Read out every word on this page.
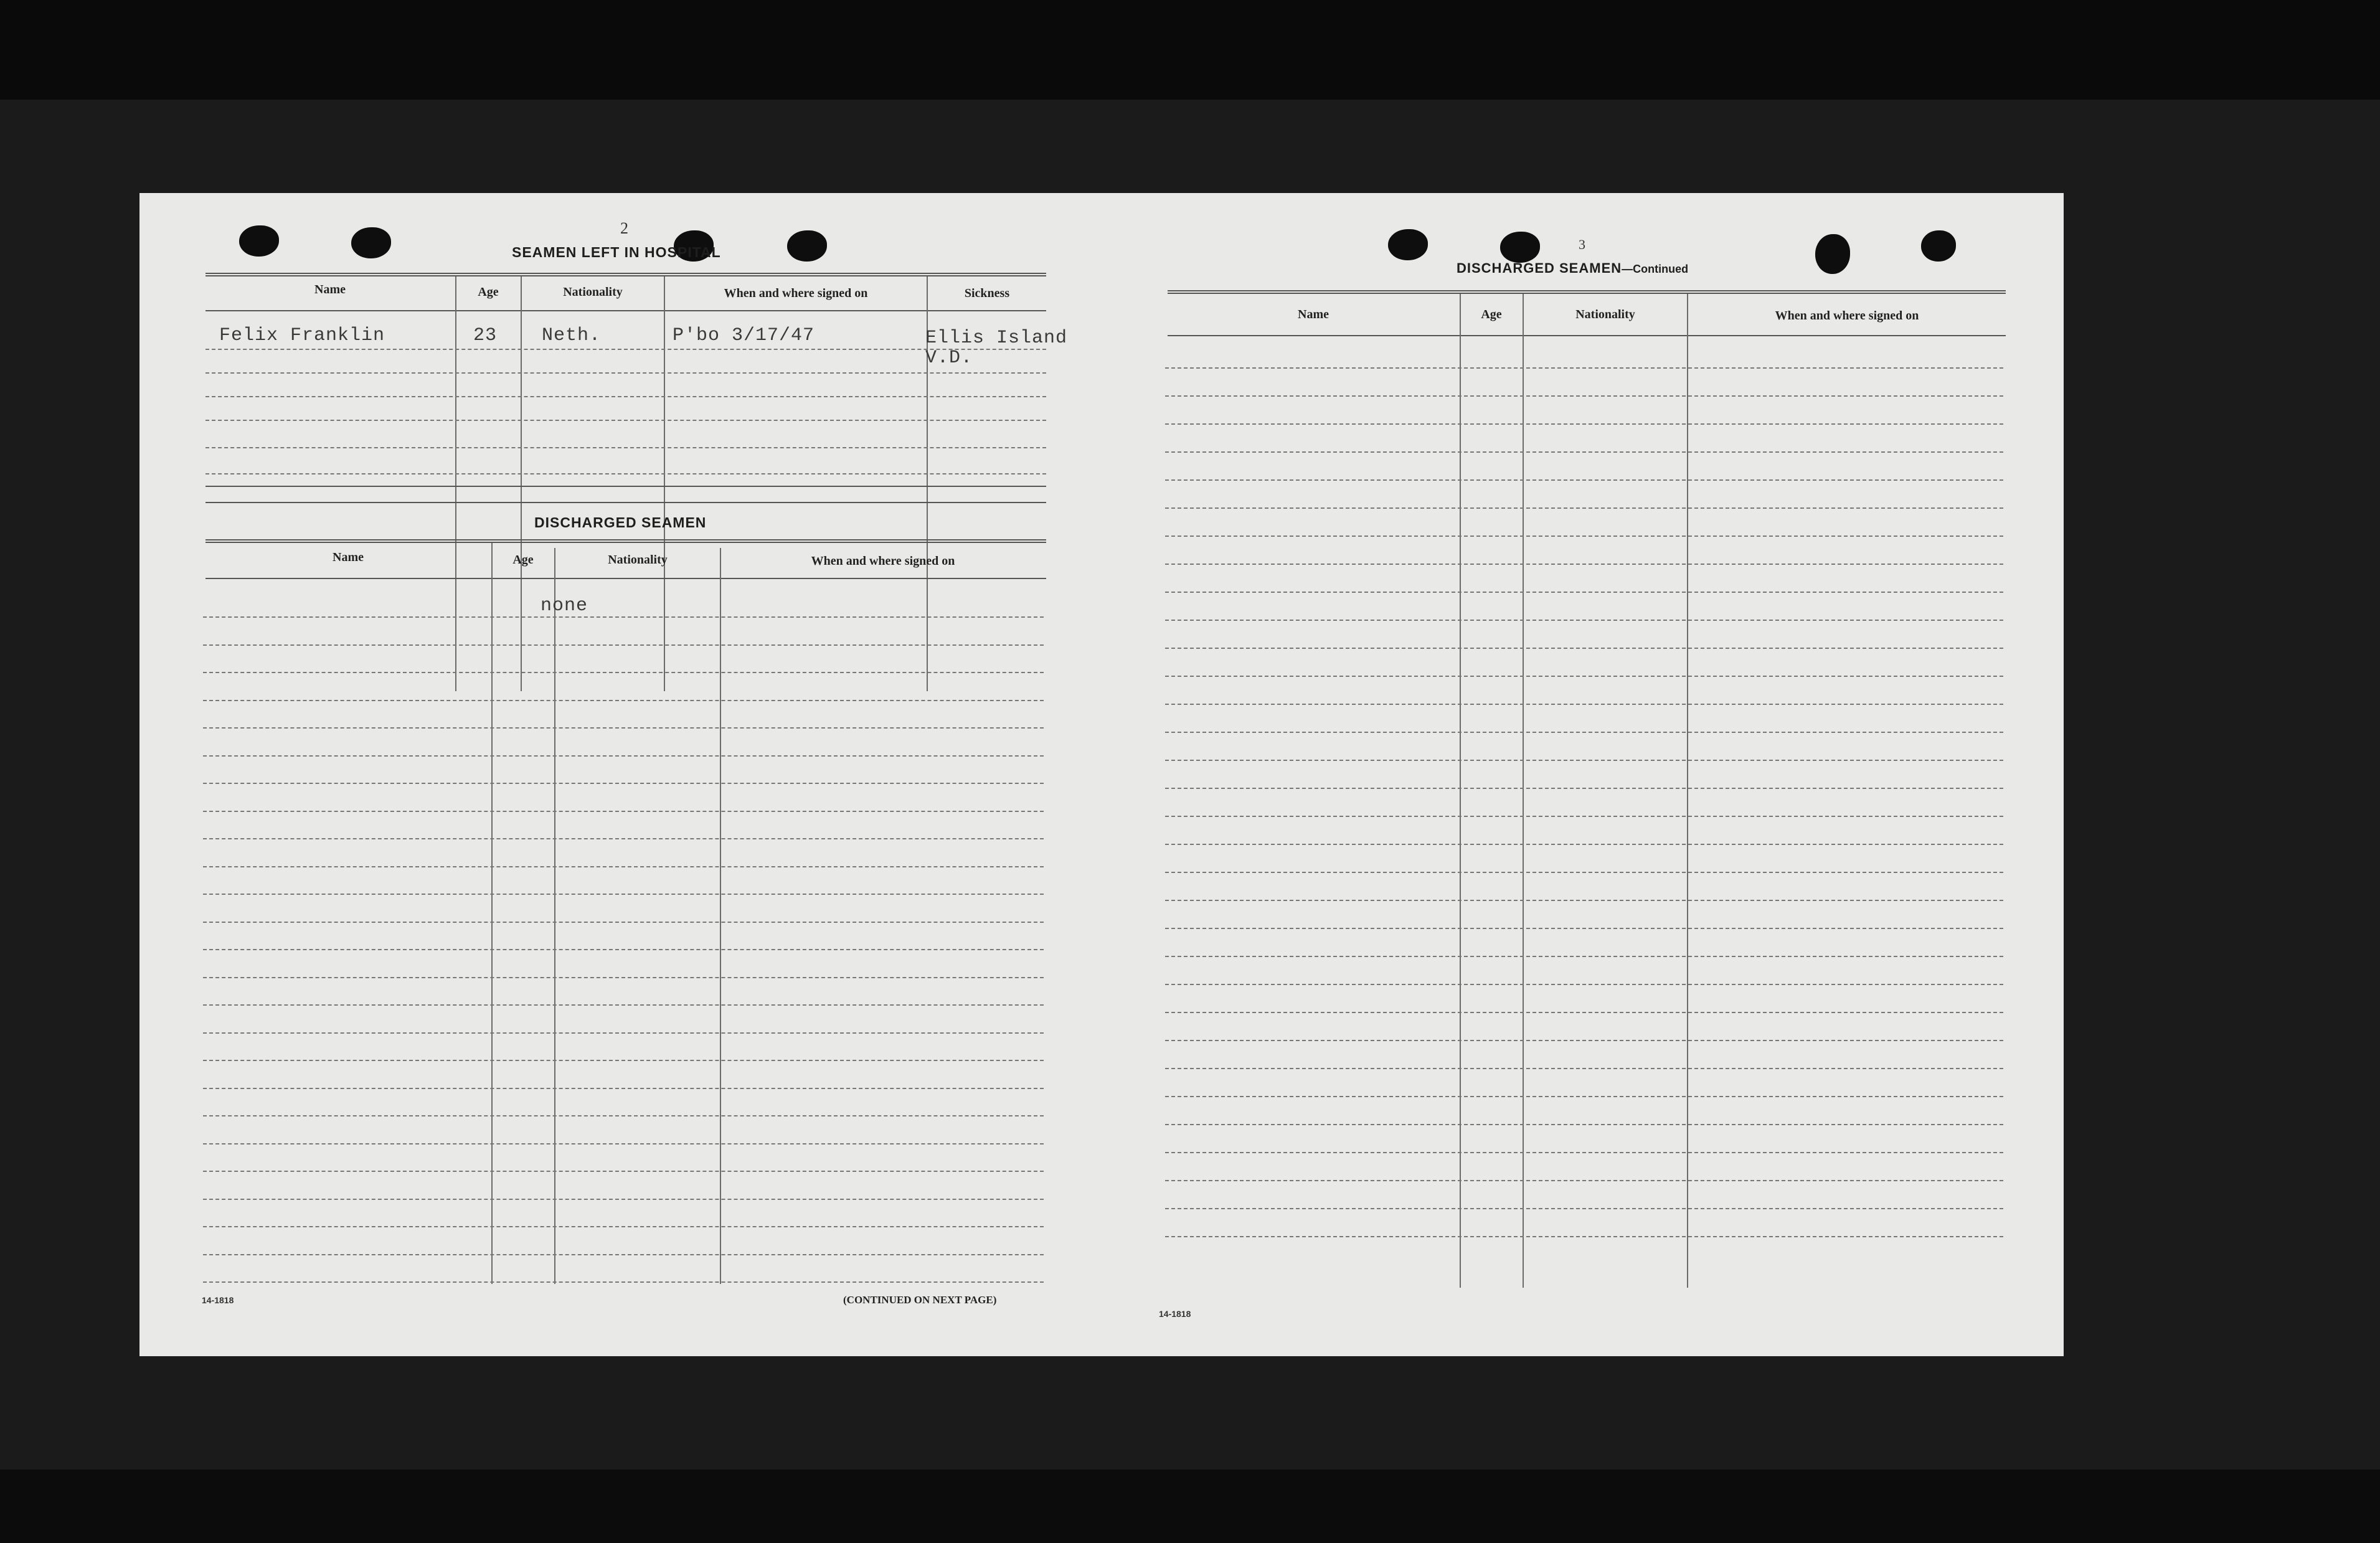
2
SEAMEN LEFT IN HOSPITAL
Name	Age	Nationality	When and where signed on	Sickness
Felix Franklin	23 Neth.	P'bo 3/17/47	Ellis Island
V.D.
DISCHARGED SEAMEN
Name	Age	Nationality	When and where signed on
none
14-1818	(CONTINUED ON NEXT PAGE)
3
DISCHARGED SEAMEN—Continued
Name	Age	Nationality	When and where signed on
14-1818
